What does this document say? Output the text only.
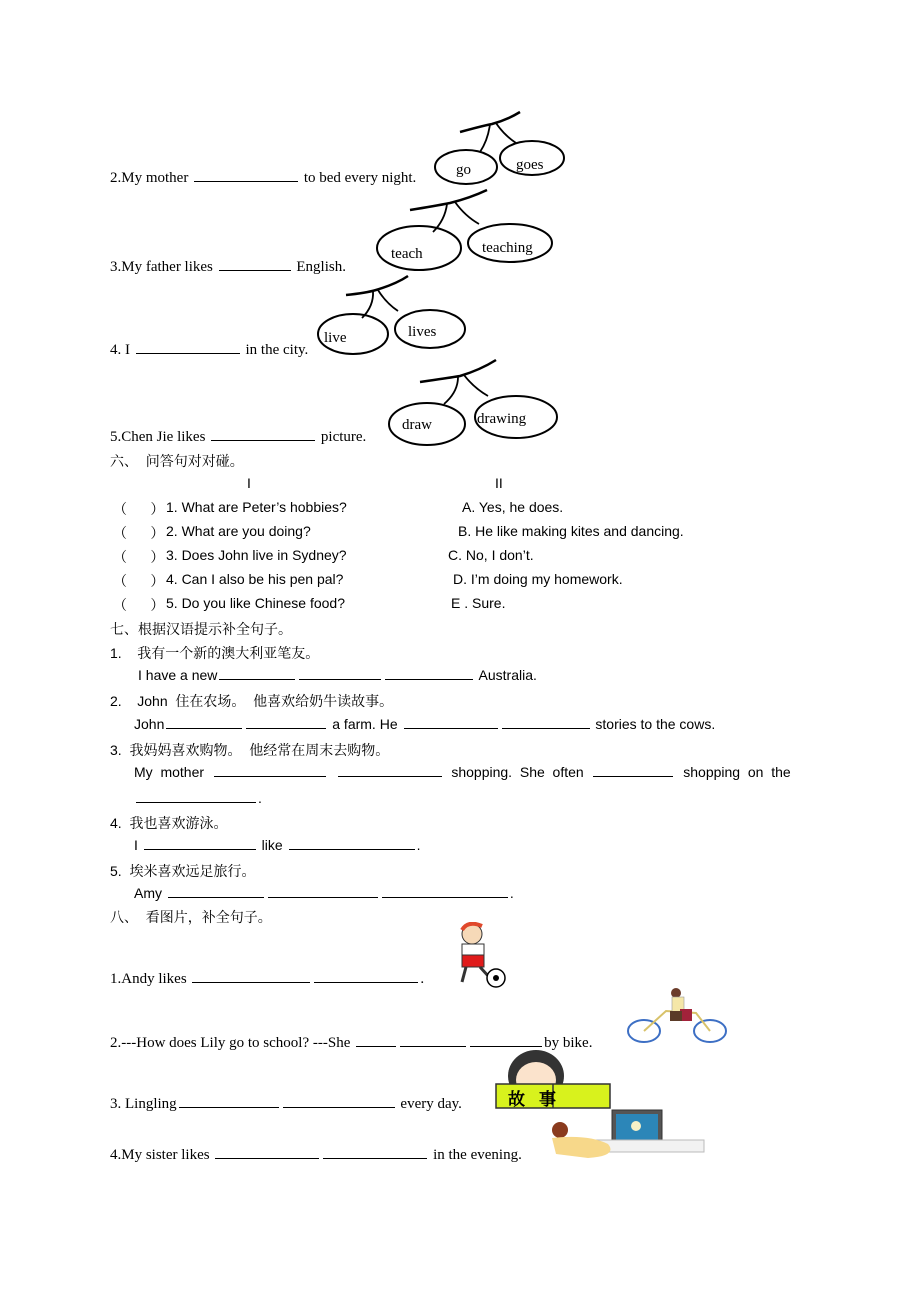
2.My mother	to bed every night.	go	goes
3.My father likes	English.
teach	teaching
4. I	in the city.
live	lives
5.Chen Jie likes	picture.
draw	drawing
六、  问答句对对碰。
I	II
（      ） 1. What are Peter’s hobbies?	A. Yes, he does.
（      ） 2. What are you doing?	B. He like making kites and dancing.
（      ） 3. Does John live in Sydney?	C. No, I don’t.
（      ） 4. Can I also be his pen pal?	D. I’m doing my homework.
（      ） 5. Do you like Chinese food?	E . Sure.
七、根据汉语提示补全句子。
1. 我有一个新的澳大利亚笔友。
I have a new	Australia.
2. John  住在农场。  他喜欢给奶牛读故事。
John	a farm. He	stories to the cows.
3. 我妈妈喜欢购物。  他经常在周末去购物。
My  mother	shopping.  She  often	shopping  on  the
.
4. 我也喜欢游泳。
I	like	.
5. 埃米喜欢远足旅行。
Amy	.
八、  看图片，补全句子。
1.Andy likes	.
2.---How does Lily go to school? ---She	by bike.
3. Lingling	every day.	故事
4.My sister likes	in the evening.
